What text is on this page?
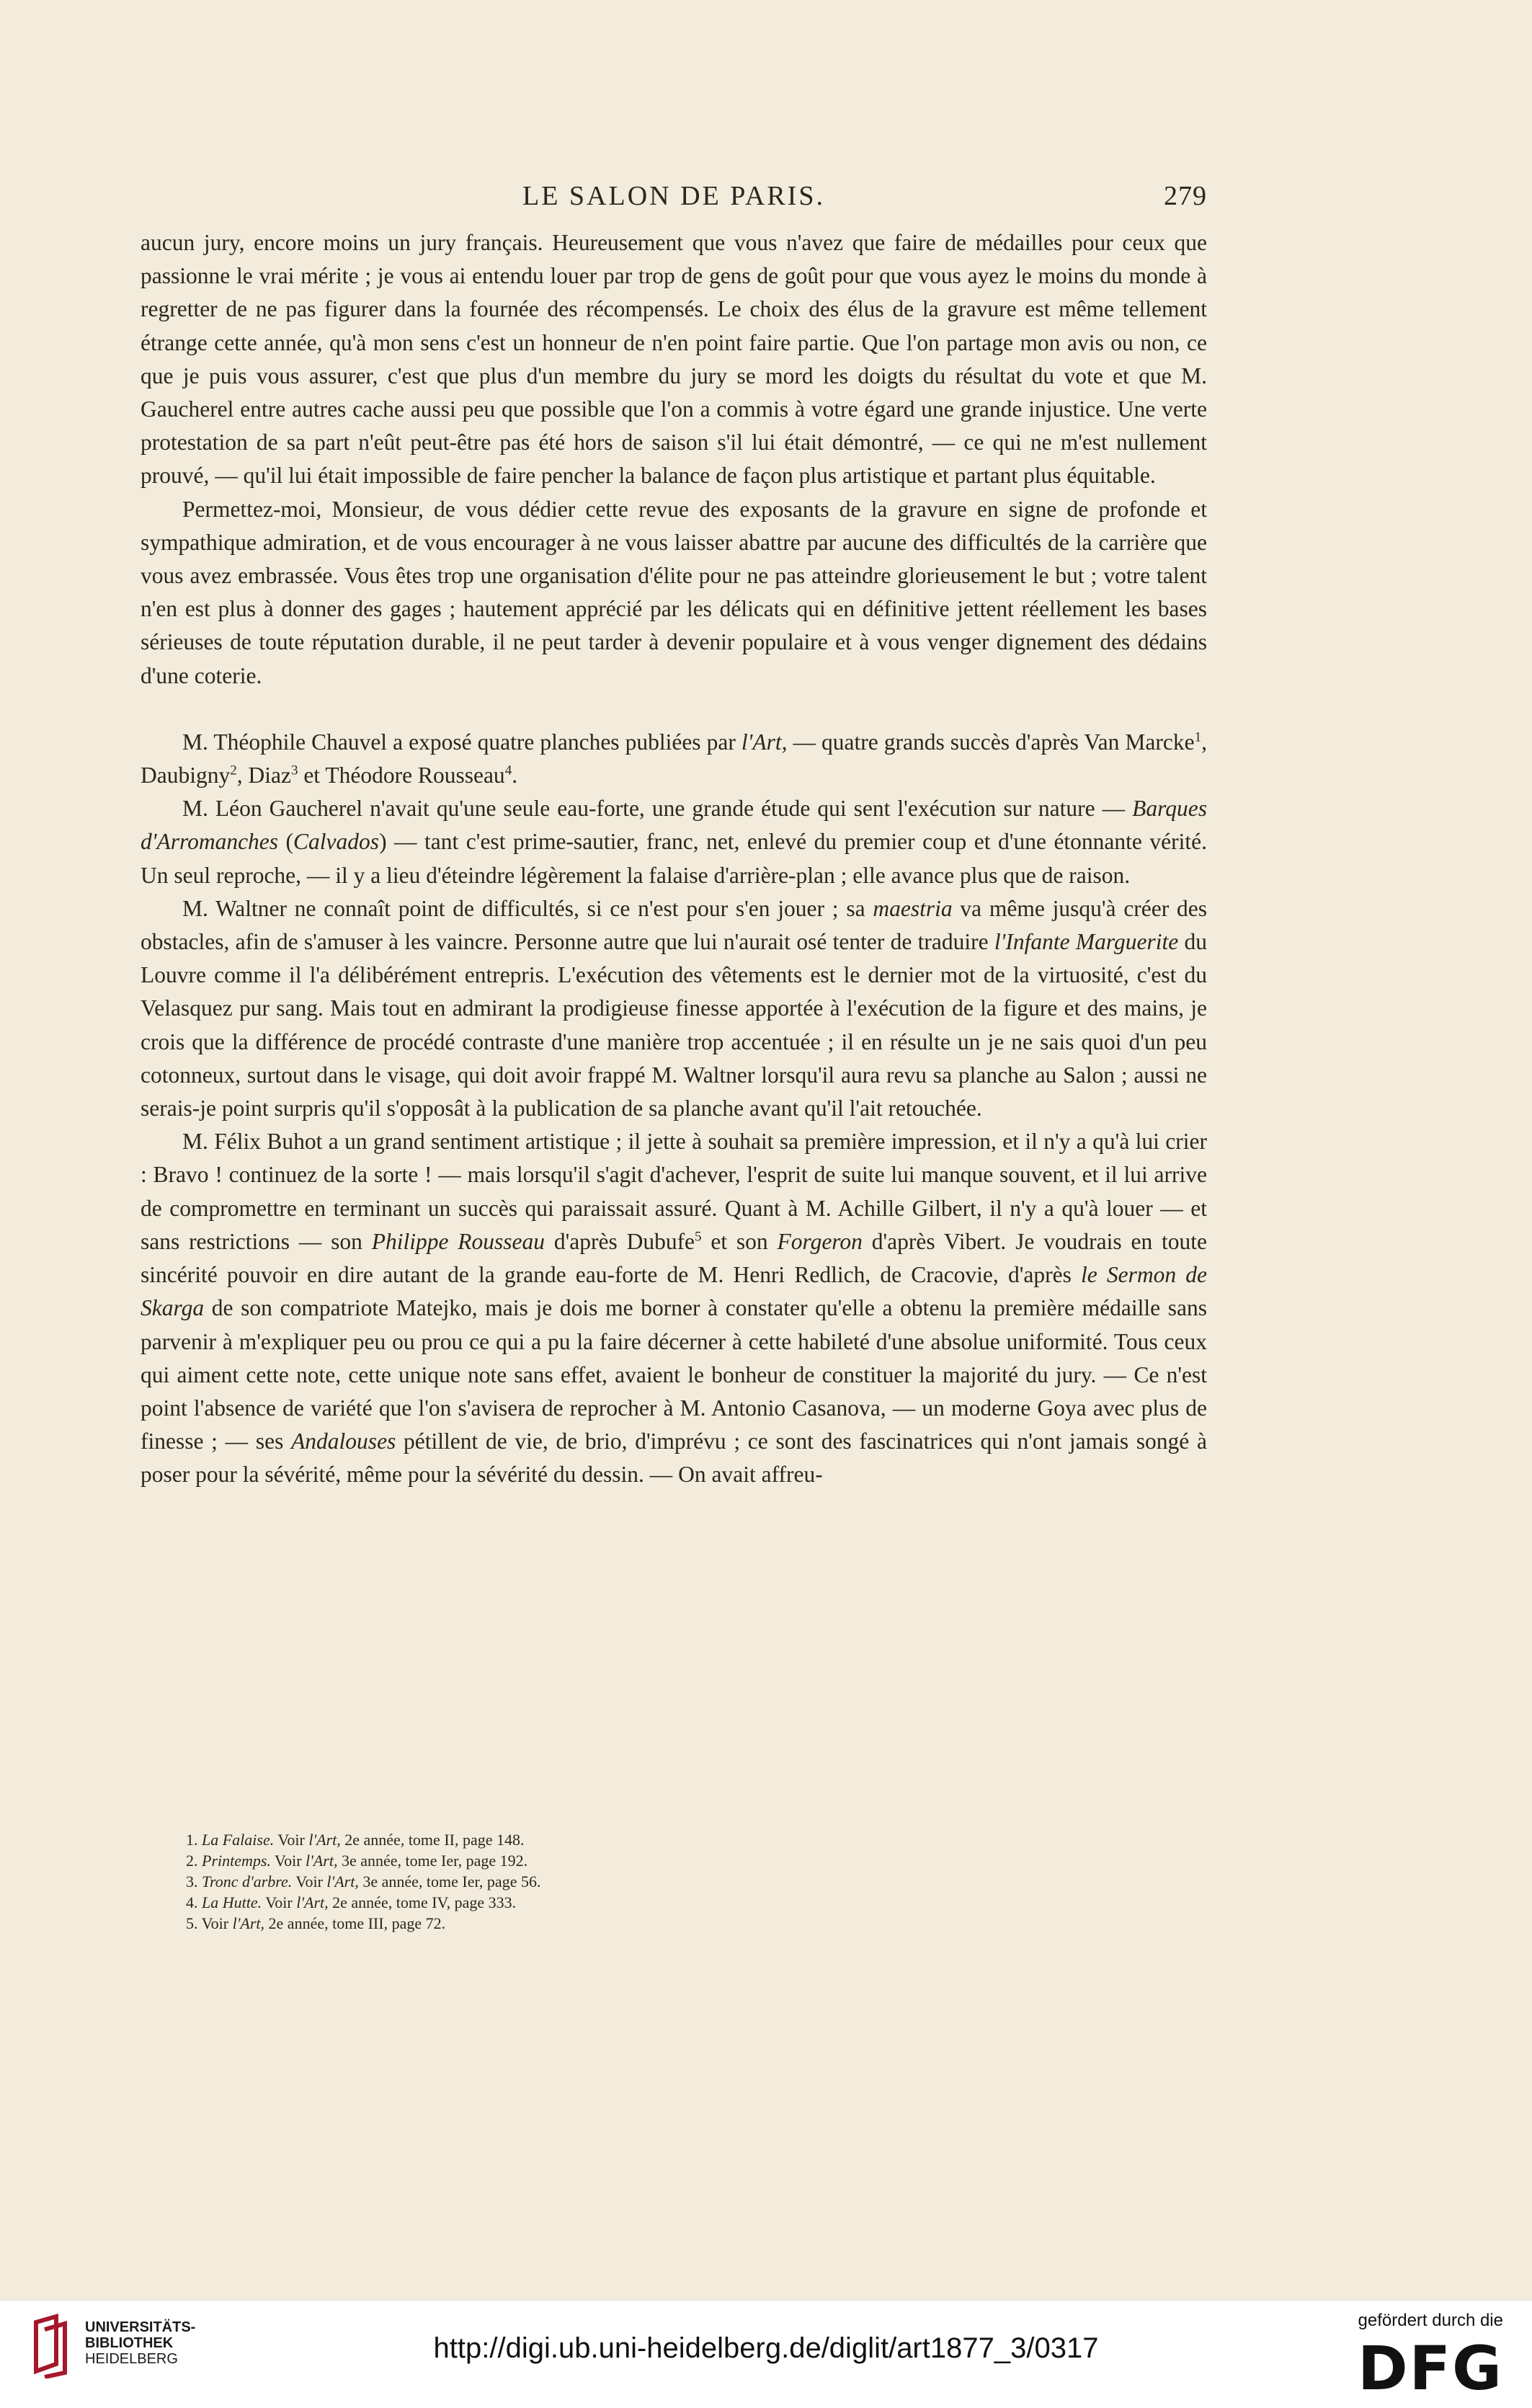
LE SALON DE PARIS.	279

aucun jury, encore moins un jury français. Heureusement que vous n'avez que faire de médailles pour ceux que passionne le vrai mérite ; je vous ai entendu louer par trop de gens de goût pour que vous ayez le moins du monde à regretter de ne pas figurer dans la fournée des récompensés. Le choix des élus de la gravure est même tellement étrange cette année, qu'à mon sens c'est un honneur de n'en point faire partie. Que l'on partage mon avis ou non, ce que je puis vous assurer, c'est que plus d'un membre du jury se mord les doigts du résultat du vote et que M. Gaucherel entre autres cache aussi peu que possible que l'on a commis à votre égard une grande injustice. Une verte protestation de sa part n'eût peut-être pas été hors de saison s'il lui était démontré, — ce qui ne m'est nullement prouvé, — qu'il lui était impossible de faire pencher la balance de façon plus artistique et partant plus équitable.

Permettez-moi, Monsieur, de vous dédier cette revue des exposants de la gravure en signe de profonde et sympathique admiration, et de vous encourager à ne vous laisser abattre par aucune des difficultés de la carrière que vous avez embrassée. Vous êtes trop une organisation d'élite pour ne pas atteindre glorieusement le but ; votre talent n'en est plus à donner des gages ; hautement apprécié par les délicats qui en définitive jettent réellement les bases sérieuses de toute réputation durable, il ne peut tarder à devenir populaire et à vous venger dignement des dédains d'une coterie.

M. Théophile Chauvel a exposé quatre planches publiées par l'Art, — quatre grands succès d'après Van Marcke$^1$, Daubigny$^2$, Diaz$^3$ et Théodore Rousseau$^4$.

M. Léon Gaucherel n'avait qu'une seule eau-forte, une grande étude qui sent l'exécution sur nature — Barques d'Arromanches (Calvados) — tant c'est prime-sautier, franc, net, enlevé du premier coup et d'une étonnante vérité. Un seul reproche, — il y a lieu d'éteindre légèrement la falaise d'arrière-plan ; elle avance plus que de raison.

M. Waltner ne connaît point de difficultés, si ce n'est pour s'en jouer ; sa maestria va même jusqu'à créer des obstacles, afin de s'amuser à les vaincre. Personne autre que lui n'aurait osé tenter de traduire l'Infante Marguerite du Louvre comme il l'a délibérément entrepris. L'exécution des vêtements est le dernier mot de la virtuosité, c'est du Velasquez pur sang. Mais tout en admirant la prodigieuse finesse apportée à l'exécution de la figure et des mains, je crois que la différence de procédé contraste d'une manière trop accentuée ; il en résulte un je ne sais quoi d'un peu cotonneux, surtout dans le visage, qui doit avoir frappé M. Waltner lorsqu'il aura revu sa planche au Salon ; aussi ne serais-je point surpris qu'il s'opposât à la publication de sa planche avant qu'il l'ait retouchée.

M. Félix Buhot a un grand sentiment artistique ; il jette à souhait sa première impression, et il n'y a qu'à lui crier : Bravo ! continuez de la sorte ! — mais lorsqu'il s'agit d'achever, l'esprit de suite lui manque souvent, et il lui arrive de compromettre en terminant un succès qui paraissait assuré. Quant à M. Achille Gilbert, il n'y a qu'à louer — et sans restrictions — son Philippe Rousseau d'après Dubufe$^5$ et son Forgeron d'après Vibert. Je voudrais en toute sincérité pouvoir en dire autant de la grande eau-forte de M. Henri Redlich, de Cracovie, d'après le Sermon de Skarga de son compatriote Matejko, mais je dois me borner à constater qu'elle a obtenu la première médaille sans parvenir à m'expliquer peu ou prou ce qui a pu la faire décerner à cette habileté d'une absolue uniformité. Tous ceux qui aiment cette note, cette unique note sans effet, avaient le bonheur de constituer la majorité du jury. — Ce n'est point l'absence de variété que l'on s'avisera de reprocher à M. Antonio Casanova, — un moderne Goya avec plus de finesse ; — ses Andalouses pétillent de vie, de brio, d'imprévu ; ce sont des fascinatrices qui n'ont jamais songé à poser pour la sévérité, même pour la sévérité du dessin. — On avait affreu-

1. La Falaise. Voir l'Art, 2e année, tome II, page 148.
2. Printemps. Voir l'Art, 3e année, tome Ier, page 192.
3. Tronc d'arbre. Voir l'Art, 3e année, tome Ier, page 56.
4. La Hutte. Voir l'Art, 2e année, tome IV, page 333.
5. Voir l'Art, 2e année, tome III, page 72.
UNIVERSITÄTS-
BIBLIOTHEK
HEIDELBERG	http://digi.ub.uni-heidelberg.de/diglit/art1877_3/0317
gefördert durch die
DFG
